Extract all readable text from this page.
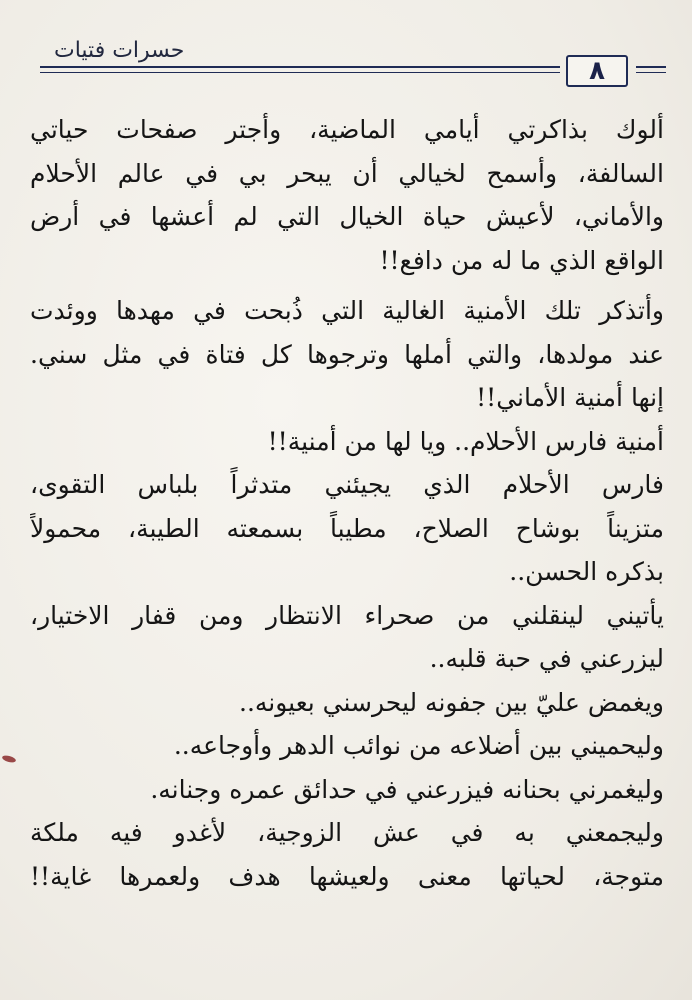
حسرات فتيات
٨
ألوك بذاكرتي أيامي الماضية، وأجتر صفحات حياتي
السالفة، وأسمح لخيالي أن يبحر بي في عالم الأحلام
والأماني، لأعيش حياة الخيال التي لم أعشها في أرض
الواقع الذي ما له من دافع!!
وأتذكر تلك الأمنية الغالية التي ذُبحت في مهدها ووئدت
عند مولدها، والتي أملها وترجوها كل فتاة في مثل سني.
إنها أمنية الأماني!!
أمنية فارس الأحلام.. ويا لها من أمنية!!
فارس الأحلام الذي يجيئني متدثراً بلباس التقوى،
متزيناً بوشاح الصلاح، مطيباً بسمعته الطيبة، محمولاً
بذكره الحسن..
يأتيني لينقلني من صحراء الانتظار ومن قفار الاختيار،
ليزرعني في حبة قلبه..
ويغمض عليّ بين جفونه ليحرسني بعيونه..
وليحميني بين أضلاعه من نوائب الدهر وأوجاعه..
وليغمرني بحنانه فيزرعني في حدائق عمره وجنانه.
وليجمعني به في عش الزوجية، لأغدو فيه ملكة
متوجة، لحياتها معنى ولعيشها هدف ولعمرها غاية!!
